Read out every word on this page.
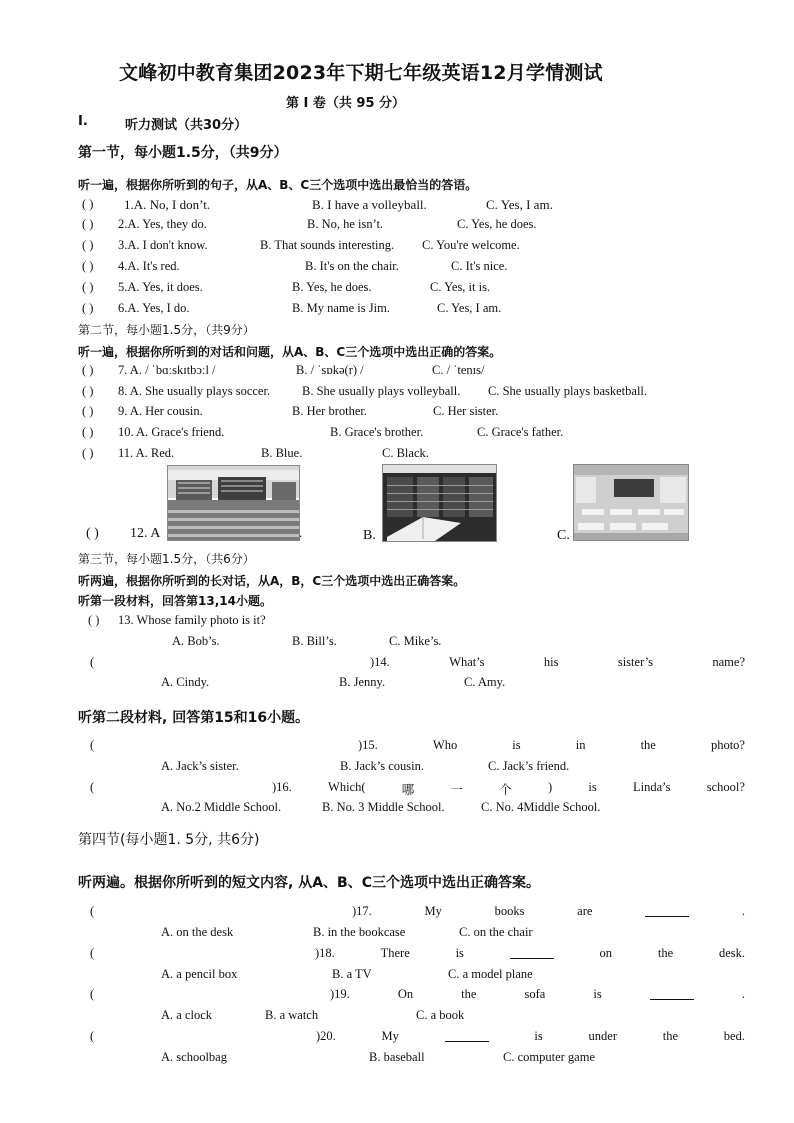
文峰初中教育集团2023年下期七年级英语12月学情测试
第 I 卷（共 95 分）
I.	听力测试（共30分）
第一节，每小题1.5分，（共9分）
听一遍，根据你所听到的句子，从A、B、C三个选项中选出最恰当的答语。
( ) 1.A. No, I don’t.	B. I have a volleyball.	C. Yes, I am.
( ) 2.A. Yes, they do.	B. No, he isn’t.	C. Yes, he does.
( ) 3.A. I don't know.	B. That sounds interesting. C. You're welcome.
( ) 4.A. It's red.	B. It's on the chair.	C. It's nice.
( ) 5.A. Yes, it does.	B. Yes, he does.	C. Yes, it is.
( ) 6.A. Yes, I do.	B. My name is Jim.	C. Yes, I am.
第二节，每小题1.5分，（共9分）
听一遍，根据你所听到的对话和问题，从A、B、C三个选项中选出正确的答案。
( ) 7. A. / ˈbɑːskɪtbɔːl /	B. / ˈsɒkə(r) /	C. / ˈtenɪs/
( ) 8. A. She usually plays soccer.	B. She usually plays volleyball. C. She usually plays basketball.
( ) 9. A. Her cousin.	B. Her brother.	C. Her sister.
( ) 10. A. Grace's friend.	B. Grace's brother.	C. Grace's father.
( ) 11. A. Red.	B. Blue.	C. Black.
( ) 12. A	.	B.	C.
第三节，每小题1.5分，（共6分）
听两遍，根据你所听到的长对话，从A，B，C三个选项中选出正确答案。
听第一段材料，回答第13,14小题。
( ) 13. Whose family photo is it?
A. Bob’s.	B. Bill’s.	C. Mike’s.
(	)14.	What’s	his	sister’s	name?
A. Cindy.	B. Jenny.	C. Amy.
听第二段材料, 回答第15和16小题。
(	)15.	Who	is	in	the	photo?
A. Jack’s sister.	B. Jack’s cousin.	C. Jack’s friend.
(	)16.	Which(	哪	一	个	)	is	Linda’s	school?
A. No.2 Middle School.	B. No. 3 Middle School.	C. No. 4Middle School.
第四节(每小题1. 5分, 共6分)
听两遍。根据你所听到的短文内容, 从A、B、C三个选项中选出正确答案。
(	)17.	My	books	are	.
A. on the desk	B. in the bookcase	C. on the chair
(	)18.	There	is	on	the	desk.
A. a pencil box	B. a TV	C. a model plane
(	)19.	On	the	sofa	is	.
A. a clock	B. a watch	C. a book
(	)20.	My	is	under	the	bed.
A. schoolbag	B. baseball	C. computer game
